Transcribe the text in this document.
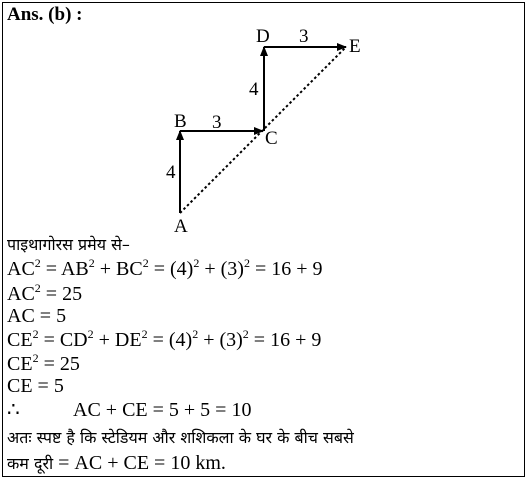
Ans. (b) :
A
B
C
D	E
4
3
4
3
पाइथागोरस प्रमेय से–
$AC^2 = AB^2 + BC^2 = (4)^2 + (3)^2 = 16 + 9$
$AC^2 = 25$
AC = 5
$CE^2 = CD^2 + DE^2 = (4)^2 + (3)^2 = 16 + 9$
$CE^2 = 25$
CE = 5
∴	AC + CE = 5 + 5 = 10
अतः स्पष्ट है कि स्टेडियम और शशिकला के घर के बीच सबसे
कम दूरी = AC + CE = 10 km.
